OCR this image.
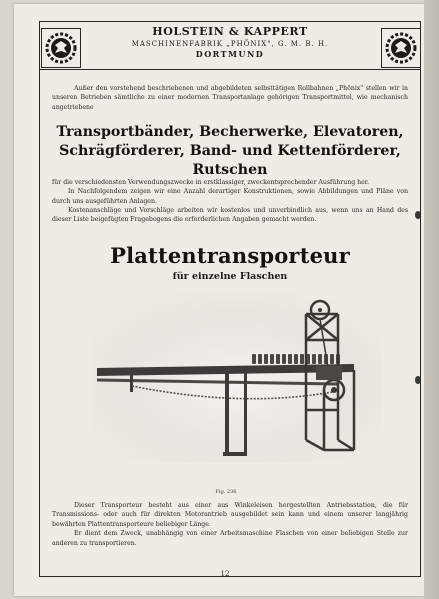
HOLSTEIN & KAPPERT
MASCHINENFABRIK „PHÖNIX", G. M. B. H.
DORTMUND

Außer den vorstehend beschriebenen und abgebildeten selbsttätigen Rollbahnen „Phönix" stellen wir in unseren Betrieben sämtliche zu einer modernen Transportanlage gehörigen Transportmittel, wie mechanisch angetriebene

Transportbänder, Becherwerke, Elevatoren,
Schrägförderer, Band- und Kettenförderer,
Rutschen

für die verschiedensten Verwendungszwecke in erstklassiger, zweckentsprechender Ausführung her.

In Nachfolgendem zeigen wir eine Anzahl derartiger Konstruktionen, sowie Abbildungen und Pläne von durch uns ausgeführten Anlagen.

Kostenanschläge und Vorschläge arbeiten wir kostenlos und unverbindlich aus, wenn uns an Hand des dieser Liste beigefügten Fragebogens die erforderlichen Angaben gemacht werden.

Plattentransporteur
für einzelne Flaschen
Fig. 236

Dieser Transporteur besteht aus einer aus Winkeleisen hergestellten Antriebsstation, die für Transmissions- oder auch für direkten Motorantrieb ausgebildet sein kann und einem unserer langjährig bewährten Plattentransporteure beliebiger Länge.

Er dient dem Zweck, unabhängig von einer Arbeitsmaschine Flaschen von einer beliebigen Stelle zur anderen zu transportieren.

12
